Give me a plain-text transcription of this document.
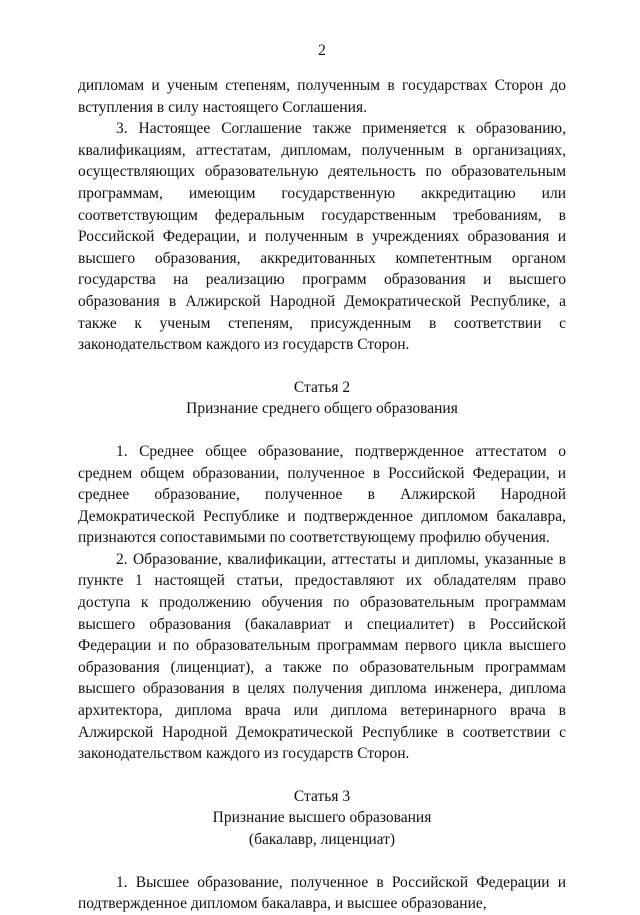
2

дипломам и ученым степеням, полученным в государствах Сторон до вступления в силу настоящего Соглашения.

3. Настоящее Соглашение также применяется к образованию, квалификациям, аттестатам, дипломам, полученным в организациях, осуществляющих образовательную деятельность по образовательным программам, имеющим государственную аккредитацию или соответствующим федеральным государственным требованиям, в Российской Федерации, и полученным в учреждениях образования и высшего образования, аккредитованных компетентным органом государства на реализацию программ образования и высшего образования в Алжирской Народной Демократической Республике, а также к ученым степеням, присужденным в соответствии с законодательством каждого из государств Сторон.

Статья 2
Признание среднего общего образования

1. Среднее общее образование, подтвержденное аттестатом о среднем общем образовании, полученное в Российской Федерации, и среднее образование, полученное в Алжирской Народной Демократической Республике и подтвержденное дипломом бакалавра, признаются сопоставимыми по соответствующему профилю обучения.

2. Образование, квалификации, аттестаты и дипломы, указанные в пункте 1 настоящей статьи, предоставляют их обладателям право доступа к продолжению обучения по образовательным программам высшего образования (бакалавриат и специалитет) в Российской Федерации и по образовательным программам первого цикла высшего образования (лиценциат), а также по образовательным программам высшего образования в целях получения диплома инженера, диплома архитектора, диплома врача или диплома ветеринарного врача в Алжирской Народной Демократической Республике в соответствии с законодательством каждого из государств Сторон.

Статья 3
Признание высшего образования
(бакалавр, лиценциат)

1. Высшее образование, полученное в Российской Федерации и подтвержденное дипломом бакалавра, и высшее образование,
